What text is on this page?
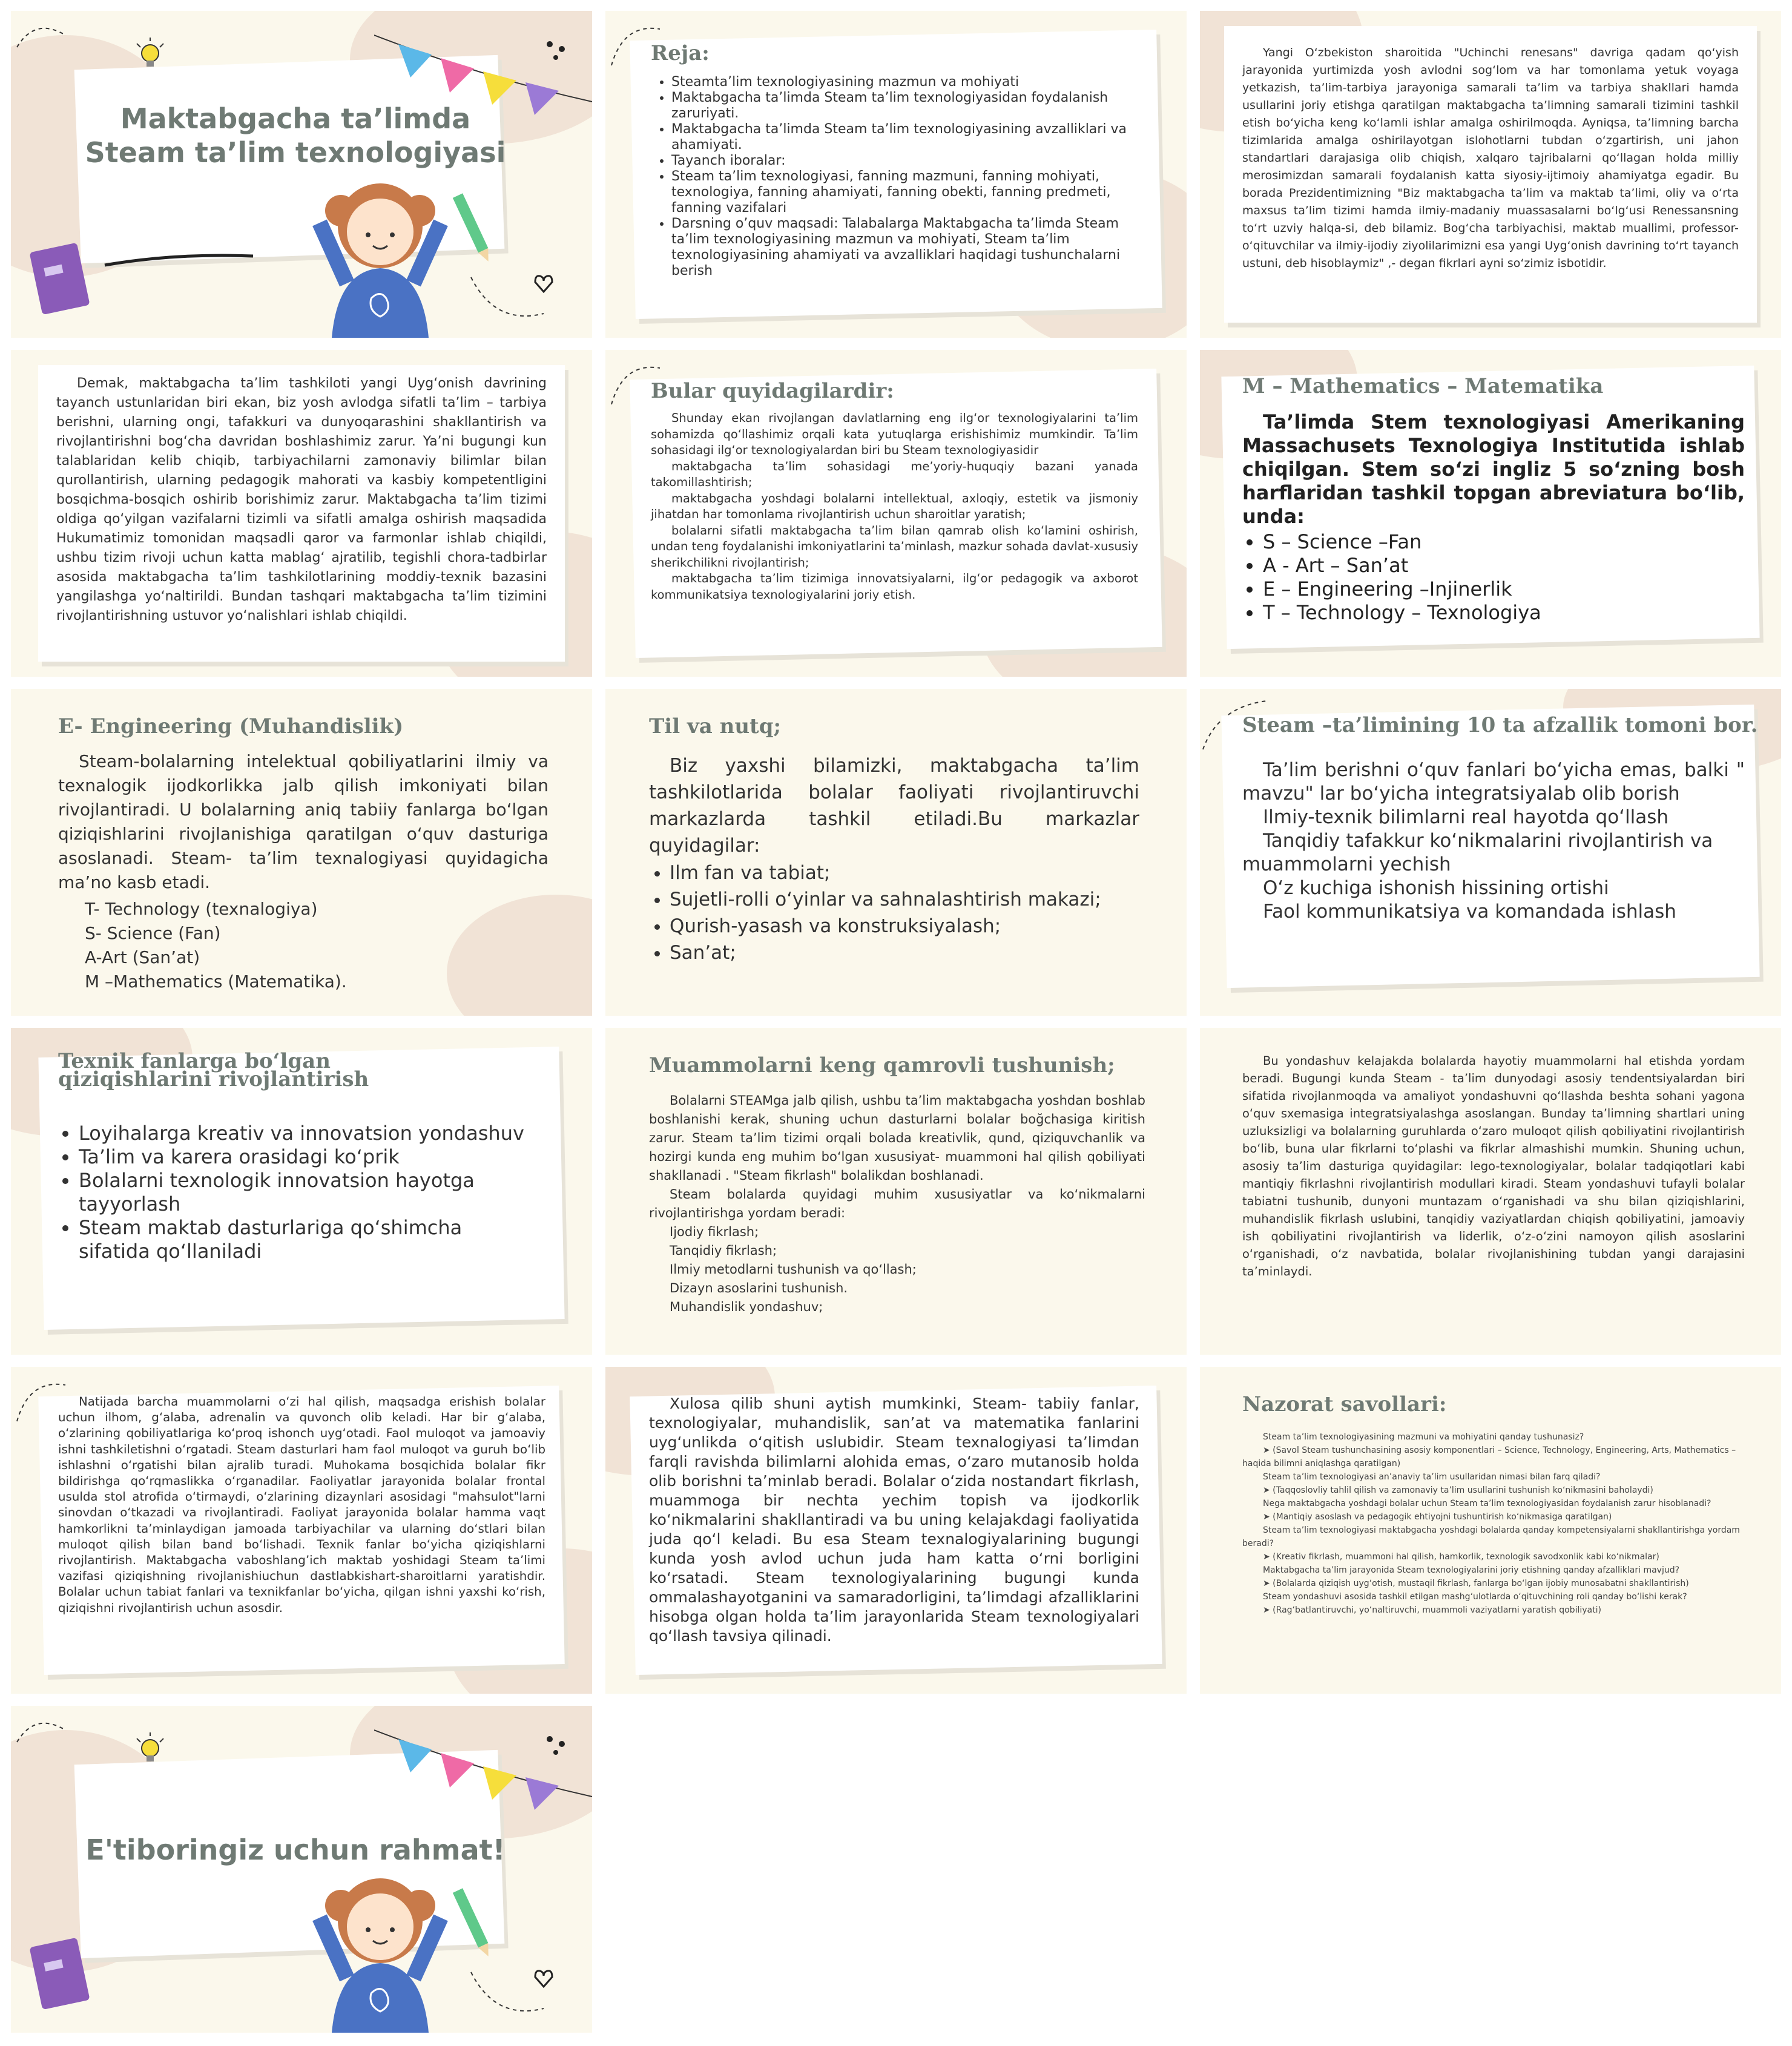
Maktabgacha ta’limda
Steam ta’lim texnologiyasi
Reja:
• Steamta’lim texnologiyasining mazmun va mohiyati
• Maktabgacha ta’limda Steam ta’lim texnologiyasidan foydalanish zaruriyati.
• Maktabgacha ta’limda Steam ta’lim texnologiyasining avzalliklari va ahamiyati.
• Tayanch iboralar:
• Steam ta’lim texnologiyasi, fanning mazmuni, fanning mohiyati, texnologiya, fanning ahamiyati, fanning obekti, fanning predmeti, fanning vazifalari
• Darsning o’quv maqsadi: Talabalarga Maktabgacha ta’limda Steam ta’lim texnologiyasining mazmun va mohiyati, Steam ta’lim texnologiyasining ahamiyati va avzalliklari haqidagi tushunchalarni berish

Yangi O‘zbekiston sharoitida "Uchinchi renesans" davriga qadam qo‘yish jarayonida yurtimizda yosh avlodni sog‘lom va har tomonlama yetuk voyaga yetkazish, ta’lim-tarbiya jarayoniga samarali ta’lim va tarbiya shakllari hamda usullarini joriy etishga qaratilgan maktabgacha ta’limning samarali tizimini tashkil etish bo‘yicha keng ko‘lamli ishlar amalga oshirilmoqda. Ayniqsa, ta’limning barcha tizimlarida amalga oshirilayotgan islohotlarni tubdan o‘zgartirish, uni jahon standartlari darajasiga olib chiqish, xalqaro tajribalarni qo‘llagan holda milliy merosimizdan samarali foydalanish katta siyosiy-ijtimoiy ahamiyatga egadir. Bu borada Prezidentimizning "Biz maktabgacha ta’lim va maktab ta’limi, oliy va o‘rta maxsus ta’lim tizimi hamda ilmiy-madaniy muassasalarni bo‘lg‘usi Renessansning to‘rt uzviy halqa-si, deb bilamiz. Bog‘cha tarbiyachisi, maktab muallimi, professor-o‘qituvchilar va ilmiy-ijodiy ziyolilarimizni esa yangi Uyg‘onish davrining to‘rt tayanch ustuni, deb hisoblaymiz" ,- degan fikrlari ayni so‘zimiz isbotidir.

Demak, maktabgacha ta’lim tashkiloti yangi Uyg‘onish davrining tayanch ustunlaridan biri ekan, biz yosh avlodga sifatli ta’lim – tarbiya berishni, ularning ongi, tafakkuri va dunyoqarashini shakllantirish va rivojlantirishni bog‘cha davridan boshlashimiz zarur. Ya’ni bugungi kun talablaridan kelib chiqib, tarbiyachilarni zamonaviy bilimlar bilan qurollantirish, ularning pedagogik mahorati va kasbiy kompetentligini bosqichma-bosqich oshirib borishimiz zarur. Maktabgacha ta’lim tizimi oldiga qo‘yilgan vazifalarni tizimli va sifatli amalga oshirish maqsadida Hukumatimiz tomonidan maqsadli qaror va farmonlar ishlab chiqildi, ushbu tizim rivoji uchun katta mablag‘ ajratilib, tegishli chora-tadbirlar asosida maktabgacha ta’lim tashkilotlarining moddiy-texnik bazasini yangilashga yo‘naltirildi. Bundan tashqari maktabgacha ta’lim tizimini rivojlantirishning ustuvor yo‘nalishlari ishlab chiqildi.

Bular quyidagilardir:

Shunday ekan rivojlangan davlatlarning eng ilg‘or texnologiyalarini ta’lim sohamizda qo‘llashimiz orqali kata yutuqlarga erishishimiz mumkindir. Ta’lim sohasidagi ilg‘or texnologiyalardan biri bu Steam texnologiyasidir

maktabgacha ta’lim sohasidagi me’yoriy-huquqiy bazani yanada takomillashtirish;

maktabgacha yoshdagi bolalarni intellektual, axloqiy, estetik va jismoniy jihatdan har tomonlama rivojlantirish uchun sharoitlar yaratish;

bolalarni sifatli maktabgacha ta’lim bilan qamrab olish ko‘lamini oshirish, undan teng foydalanishi imkoniyatlarini ta’minlash, mazkur sohada davlat-xususiy sherikchilikni rivojlantirish;

maktabgacha ta’lim tizimiga innovatsiyalarni, ilg‘or pedagogik va axborot kommunikatsiya texnologiyalarini joriy etish.

M – Mathematics – Matematika

Ta’limda Stem texnologiyasi Amerikaning Massachusets Texnologiya Institutida ishlab chiqilgan. Stem so‘zi ingliz 5 so‘zning bosh harflaridan tashkil topgan abreviatura bo‘lib, unda:

• S – Science –Fan
• A - Art – San’at
• E – Engineering –Injinerlik
• T – Technology – Texnologiya
E- Engineering (Muhandislik)

Steam-bolalarning intelektual qobiliyatlarini ilmiy va texnalogik ijodkorlikka jalb qilish imkoniyati bilan rivojlantiradi. U bolalarning aniq tabiiy fanlarga bo‘lgan qiziqishlarini rivojlanishiga qaratilgan o‘quv dasturiga asoslanadi. Steam- ta’lim texnalogiyasi quyidagicha ma’no kasb etadi.

T- Technology (texnalogiya)
S- Science (Fan)
A-Art (San’at)
M –Mathematics (Matematika).
Til va nutq;

Biz yaxshi bilamizki, maktabgacha ta’lim tashkilotlarida bolalar faoliyati rivojlantiruvchi markazlarda tashkil etiladi.Bu markazlar quyidagilar:

• Ilm fan va tabiat;
• Sujetli-rolli o‘yinlar va sahnalashtirish makazi;
• Qurish-yasash va konstruksiyalash;
• San’at;
Steam –ta’limining 10 ta afzallik tomoni bor.

Ta’lim berishni o‘quv fanlari bo‘yicha emas, balki " mavzu" lar bo‘yicha integratsiyalab olib borish

Ilmiy-texnik bilimlarni real hayotda qo‘llash

Tanqidiy tafakkur ko‘nikmalarini rivojlantirish va muammolarni yechish

O‘z kuchiga ishonish hissining ortishi

Faol kommunikatsiya va komandada ishlash

Texnik fanlarga bo‘lgan qiziqishlarini rivojlantirish
• Loyihalarga kreativ va innovatsion yondashuv
• Ta’lim va karera orasidagi ko‘prik
• Bolalarni texnologik innovatsion hayotga tayyorlash
• Steam maktab dasturlariga qo‘shimcha sifatida qo‘llaniladi
Muammolarni keng qamrovli tushunish;

Bolalarni STEAMga jalb qilish, ushbu ta’lim maktabgacha yoshdan boshlab boshlanishi kerak, shuning uchun dasturlarni bolalar boğchasiga kiritish zarur. Steam ta’lim tizimi orqali bolada kreativlik, qund, qiziquvchanlik va hozirgi kunda eng muhim bo‘lgan xususiyat- muammoni hal qilish qobiliyati shakllanadi . "Steam fikrlash" bolalikdan boshlanadi.

Steam bolalarda quyidagi muhim xususiyatlar va ko‘nikmalarni rivojlantirishga yordam beradi:

Ijodiy fikrlash;
Tanqidiy fikrlash;
Ilmiy metodlarni tushunish va qo‘llash;
Dizayn asoslarini tushunish.
Muhandislik yondashuv;

Bu yondashuv kelajakda bolalarda hayotiy muammolarni hal etishda yordam beradi. Bugungi kunda Steam - ta’lim dunyodagi asosiy tendentsiyalardan biri sifatida rivojlanmoqda va amaliyot yondashuvni qo‘llashda beshta sohani yagona o‘quv sxemasiga integratsiyalashga asoslangan. Bunday ta’limning shartlari uning uzluksizligi va bolalarning guruhlarda o‘zaro muloqot qilish qobiliyatini rivojlantirish bo‘lib, buna ular fikrlarni to‘plashi va fikrlar almashishi mumkin. Shuning uchun, asosiy ta’lim dasturiga quyidagilar: lego-texnologiyalar, bolalar tadqiqotlari kabi mantiqiy fikrlashni rivojlantirish modullari kiradi. Steam yondashuvi tufayli bolalar tabiatni tushunib, dunyoni muntazam o‘rganishadi va shu bilan qiziqishlarini, muhandislik fikrlash uslubini, tanqidiy vaziyatlardan chiqish qobiliyatini, jamoaviy ish qobiliyatini rivojlantirish va liderlik, o‘z-o‘zini namoyon qilish asoslarini o‘rganishadi, o‘z navbatida, bolalar rivojlanishining tubdan yangi darajasini ta’minlaydi.

Natijada barcha muammolarni o‘zi hal qilish, maqsadga erishish bolalar uchun ilhom, g‘alaba, adrenalin va quvonch olib keladi. Har bir g‘alaba, o‘zlarining qobiliyatlariga ko‘proq ishonch uyg‘otadi. Faol muloqot va jamoaviy ishni tashkiletishni o‘rgatadi. Steam dasturlari ham faol muloqot va guruh bo‘lib ishlashni o‘rgatishi bilan ajralib turadi. Muhokama bosqichida bolalar fikr bildirishga qo‘rqmaslikka o‘rganadilar. Faoliyatlar jarayonida bolalar frontal usulda stol atrofida o‘tirmaydi, o‘zlarining dizaynlari asosidagi "mahsulot"larni sinovdan o‘tkazadi va rivojlantiradi. Faoliyat jarayonida bolalar hamma vaqt hamkorlikni ta’minlaydigan jamoada tarbiyachilar va ularning do‘stlari bilan muloqot qilish bilan band bo‘lishadi. Texnik fanlar bo‘yicha qiziqishlarni rivojlantirish. Maktabgacha vaboshlang’ich maktab yoshidagi Steam ta’limi vazifasi qiziqishning rivojlanishiuchun dastlabkishart-sharoitlarni yaratishdir. Bolalar uchun tabiat fanlari va texnikfanlar bo‘yicha, qilgan ishni yaxshi ko‘rish, qiziqishni rivojlantirish uchun asosdir.

Xulosa qilib shuni aytish mumkinki, Steam- tabiiy fanlar, texnologiyalar, muhandislik, san’at va matematika fanlarini uyg‘unlikda o‘qitish uslubidir. Steam texnalogiyasi ta’limdan farqli ravishda bilimlarni alohida emas, o‘zaro mutanosib holda olib borishni ta’minlab beradi. Bolalar o‘zida nostandart fikrlash, muammoga bir nechta yechim topish va ijodkorlik ko‘nikmalarini shakllantiradi va bu uning kelajakdagi faoliyatida juda qo‘l keladi. Bu esa Steam texnalogiyalarining bugungi kunda yosh avlod uchun juda ham katta o‘rni borligini ko‘rsatadi. Steam texnologiyalarining bugungi kunda ommalashayotganini va samaradorligini, ta’limdagi afzalliklarini hisobga olgan holda ta’lim jarayonlarida Steam texnologiyalari qo‘llash tavsiya qilinadi.

Nazorat savollari:

Steam ta’lim texnologiyasining mazmuni va mohiyatini qanday tushunasiz?

➤ (Savol Steam tushunchasining asosiy komponentlari – Science, Technology, Engineering, Arts, Mathematics – haqida bilimni aniqlashga qaratilgan)

Steam ta’lim texnologiyasi an’anaviy ta’lim usullaridan nimasi bilan farq qiladi?

➤ (Taqqoslovliy tahlil qilish va zamonaviy ta’lim usullarini tushunish ko‘nikmasini baholaydi)

Nega maktabgacha yoshdagi bolalar uchun Steam ta’lim texnologiyasidan foydalanish zarur hisoblanadi?

➤ (Mantiqiy asoslash va pedagogik ehtiyojni tushuntirish ko‘nikmasiga qaratilgan)

Steam ta’lim texnologiyasi maktabgacha yoshdagi bolalarda qanday kompetensiyalarni shakllantirishga yordam beradi?

➤ (Kreativ fikrlash, muammoni hal qilish, hamkorlik, texnologik savodxonlik kabi ko‘nikmalar)

Maktabgacha ta’lim jarayonida Steam texnologiyalarini joriy etishning qanday afzalliklari mavjud?

➤ (Bolalarda qiziqish uyg‘otish, mustaqil fikrlash, fanlarga bo‘lgan ijobiy munosabatni shakllantirish)

Steam yondashuvi asosida tashkil etilgan mashg‘ulotlarda o‘qituvchining roli qanday bo‘lishi kerak?

➤ (Rag‘batlantiruvchi, yo‘naltiruvchi, muammoli vaziyatlarni yaratish qobiliyati)

E'tiboringiz uchun rahmat!
